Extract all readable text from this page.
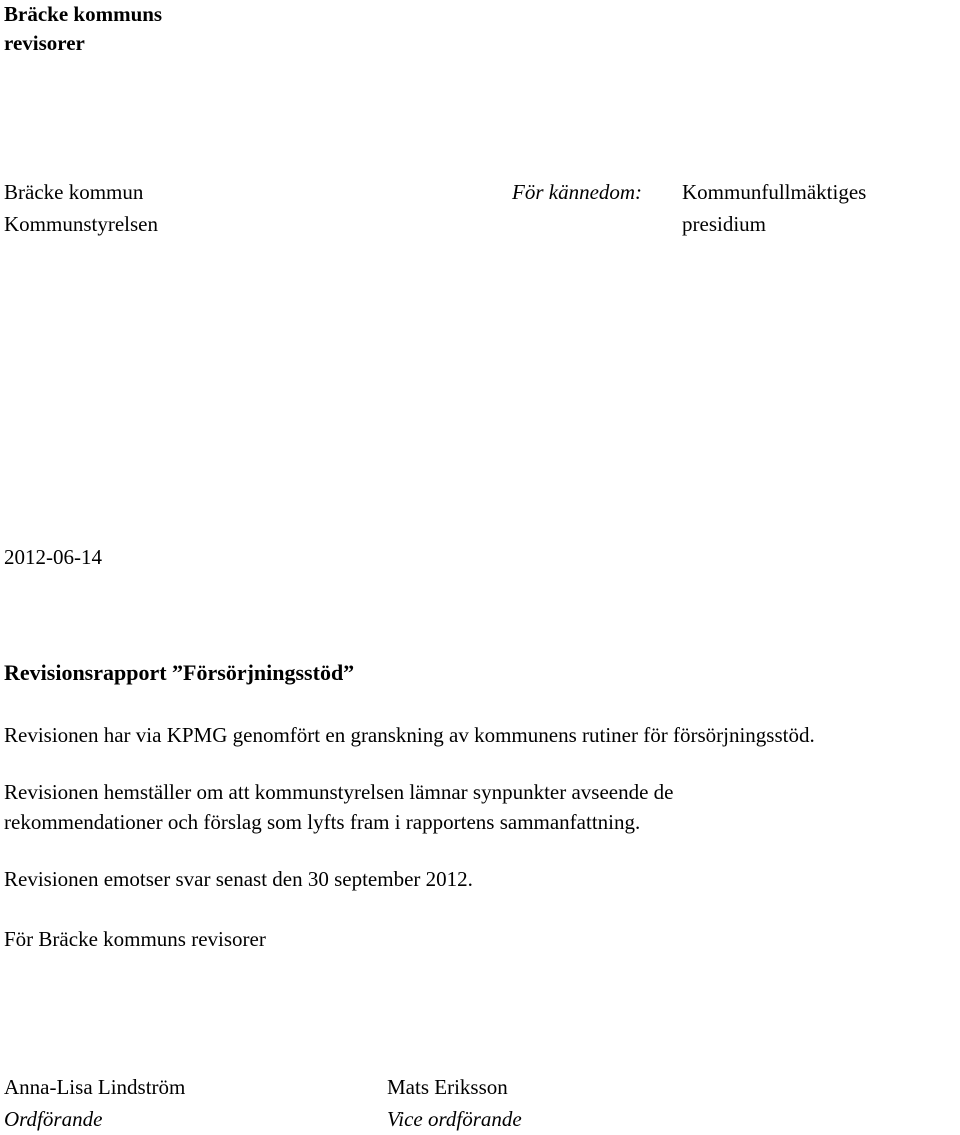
Bräcke kommuns
revisorer
Bräcke kommun
Kommunstyrelsen
För kännedom: Kommunfullmäktiges
presidium
2012-06-14
Revisionsrapport ”Försörjningsstöd”
Revisionen har via KPMG genomfört en granskning av kommunens rutiner för försörjningsstöd.
Revisionen hemställer om att kommunstyrelsen lämnar synpunkter avseende de
rekommendationer och förslag som lyfts fram i rapportens sammanfattning.
Revisionen emotser svar senast den 30 september 2012.
För Bräcke kommuns revisorer
Anna-Lisa Lindström
Ordförande
Mats Eriksson
Vice ordförande
